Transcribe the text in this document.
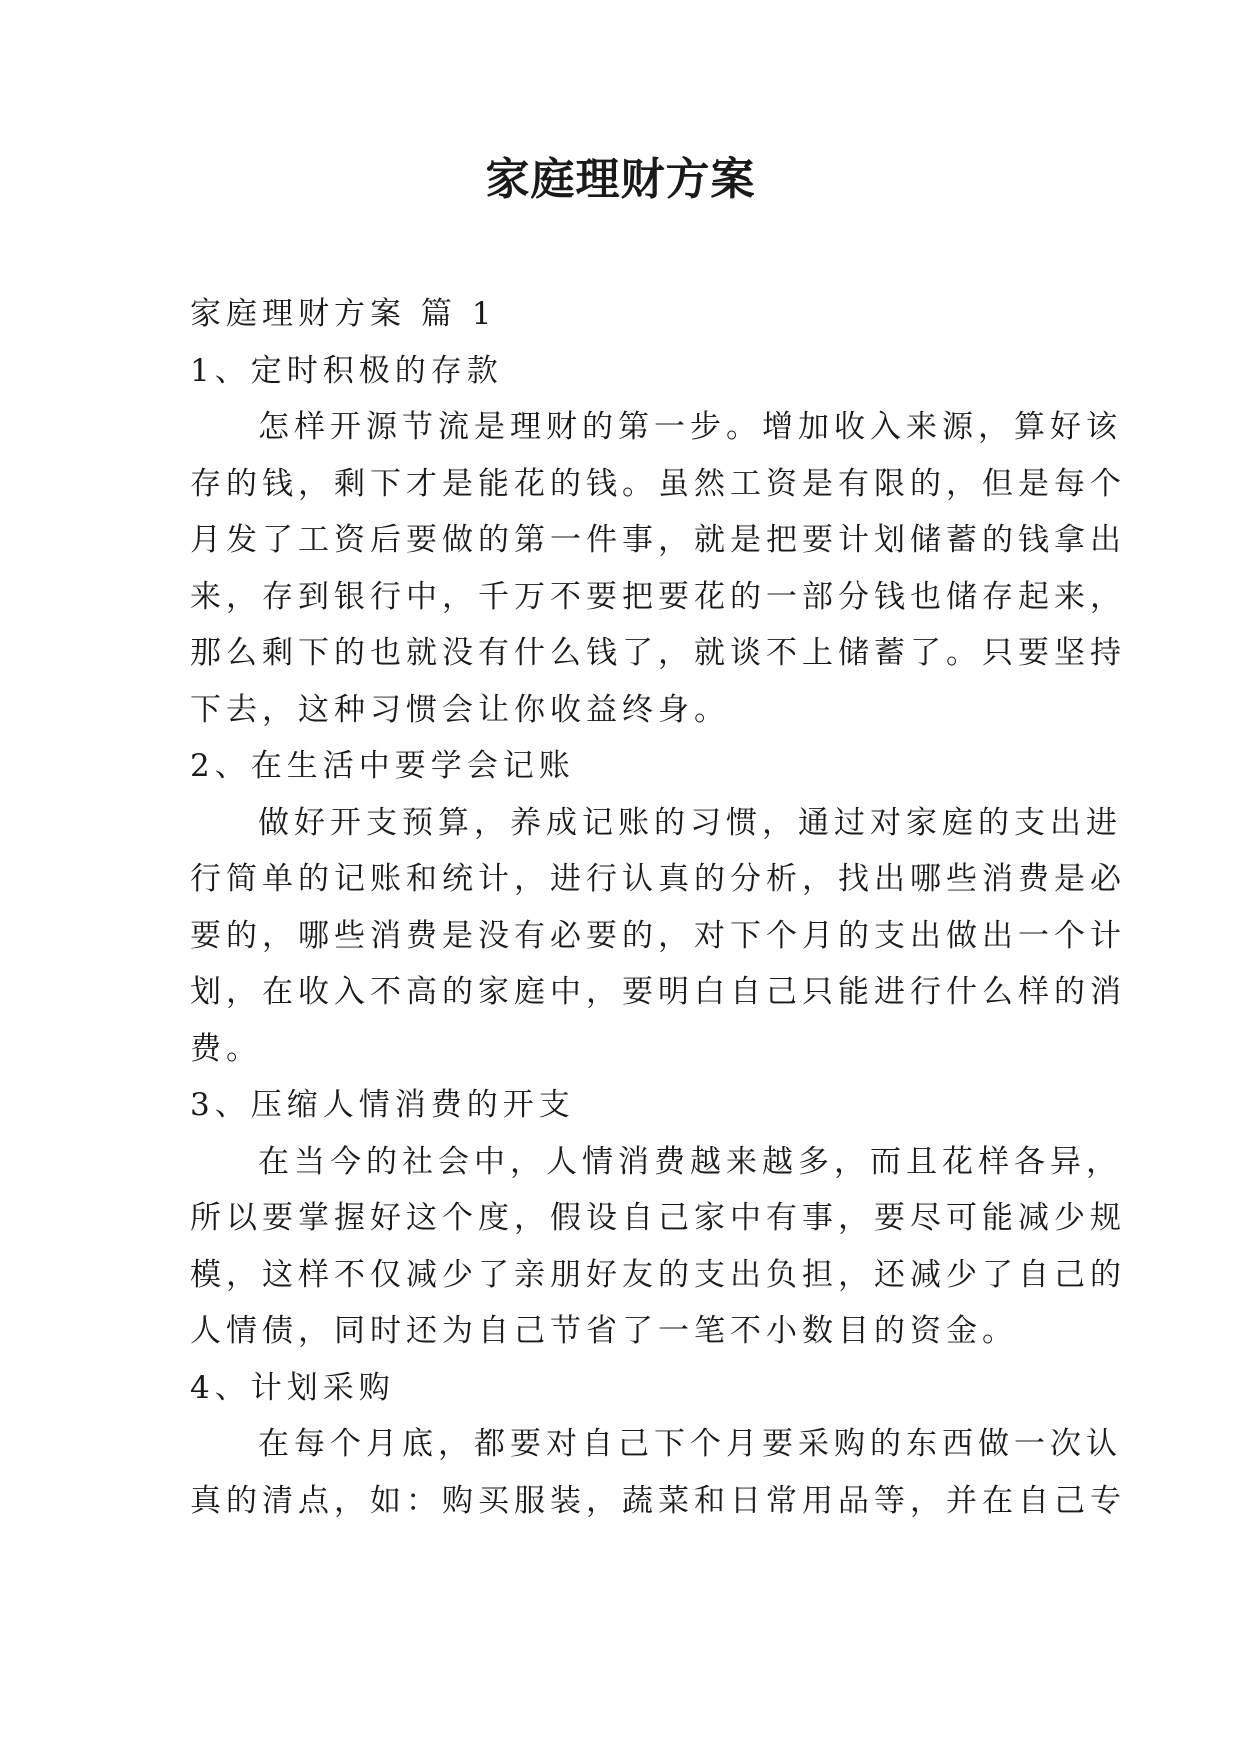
家庭理财方案

家庭理财方案 篇 1

1、定时积极的存款

怎样开源节流是理财的第一步。增加收入来源，算好该
存的钱，剩下才是能花的钱。虽然工资是有限的，但是每个
月发了工资后要做的第一件事，就是把要计划储蓄的钱拿出
来，存到银行中，千万不要把要花的一部分钱也储存起来，
那么剩下的也就没有什么钱了，就谈不上储蓄了。只要坚持
下去，这种习惯会让你收益终身。

2、在生活中要学会记账

做好开支预算，养成记账的习惯，通过对家庭的支出进
行简单的记账和统计，进行认真的分析，找出哪些消费是必
要的，哪些消费是没有必要的，对下个月的支出做出一个计
划，在收入不高的家庭中，要明白自己只能进行什么样的消
费。

3、压缩人情消费的开支

在当今的社会中，人情消费越来越多，而且花样各异，
所以要掌握好这个度，假设自己家中有事，要尽可能减少规
模，这样不仅减少了亲朋好友的支出负担，还减少了自己的
人情债，同时还为自己节省了一笔不小数目的资金。

4、计划采购

在每个月底，都要对自己下个月要采购的东西做一次认
真的清点，如：购买服装，蔬菜和日常用品等，并在自己专
